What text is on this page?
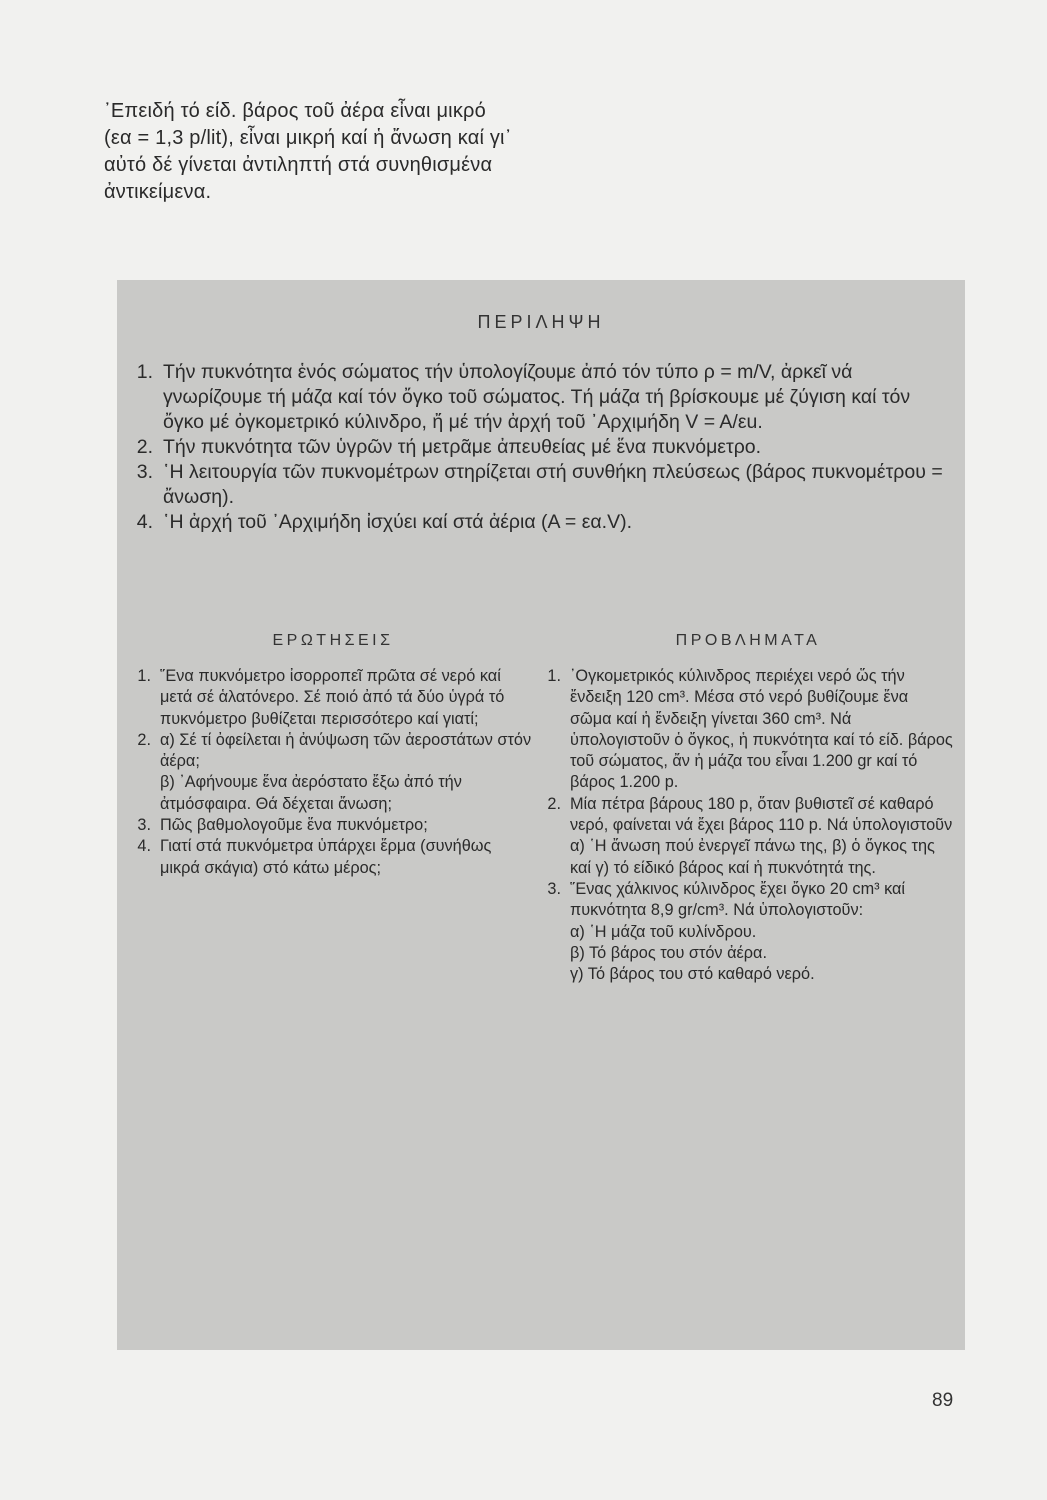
᾽Επειδή τό είδ. βάρος τοῦ ἀέρα εἶναι μικρό

(εα = 1,3 p/lit), εἶναι μικρή καί ἡ ἄνωση καί γι᾽

αὐτό δέ γίνεται ἀντιληπτή στά συνηθισμένα

ἀντικείμενα.

ΠΕΡΙΛΗΨΗ
1. Τήν πυκνότητα ἑνός σώματος τήν ὑπολογίζουμε ἀπό τόν τύπο ρ = m/V, ἀρκεῖ νά γνωρίζουμε τή μάζα καί τόν ὄγκο τοῦ σώματος. Τή μάζα τή βρίσκουμε μέ ζύγιση καί τόν ὄγκο μέ ὀγκομετρικό κύλινδρο, ἤ μέ τήν ἀρχή τοῦ ᾽Αρχιμήδη V = A/εu.
2. Τήν πυκνότητα τῶν ὑγρῶν τή μετρᾶμε ἀπευθείας μέ ἕνα πυκνόμετρο.
3. ῾Η λειτουργία τῶν πυκνομέτρων στηρίζεται στή συνθήκη πλεύσεως (βάρος πυκνομέτρου = ἄνωση).
4. ῾Η ἀρχή τοῦ ᾽Αρχιμήδη ἰσχύει καί στά ἀέρια (Α = εα.V).
ΕΡΩΤΗΣΕΙΣ
1. ῞Ενα πυκνόμετρο ἰσορροπεῖ πρῶτα σέ νερό καί μετά σέ ἁλατόνερο. Σέ ποιό ἀπό τά δύο ὑγρά τό πυκνόμετρο βυθίζεται περισσότερο καί γιατί;
2. α) Σέ τί ὀφείλεται ἡ ἀνύψωση τῶν ἀεροστάτων στόν ἀέρα;
β) ᾽Αφήνουμε ἕνα ἀερόστατο ἔξω ἀπό τήν ἀτμόσφαιρα. Θά δέχεται ἄνωση;
3. Πῶς βαθμολογοῦμε ἕνα πυκνόμετρο;
4. Γιατί στά πυκνόμετρα ὑπάρχει ἕρμα (συνήθως μικρά σκάγια) στό κάτω μέρος;
ΠΡΟΒΛΗΜΑΤΑ
1. ᾽Ογκομετρικός κύλινδρος περιέχει νερό ὥς τήν ἔνδειξη 120 cm³. Μέσα στό νερό βυθίζουμε ἕνα σῶμα καί ἡ ἔνδειξη γίνεται 360 cm³. Νά ὑπολογιστοῦν ὁ ὄγκος, ἡ πυκνότητα καί τό είδ. βάρος τοῦ σώματος, ἄν ἡ μάζα του εἶναι 1.200 gr καί τό βάρος 1.200 p.
2. Μία πέτρα βάρους 180 p, ὅταν βυθιστεῖ σέ καθαρό νερό, φαίνεται νά ἔχει βάρος 110 p. Νά ὑπολογιστοῦν α) ῾Η ἄνωση πού ἐνεργεῖ πάνω της, β) ὁ ὄγκος της καί γ) τό είδικό βάρος καί ἡ πυκνότητά της.
3. ῞Ενας χάλκινος κύλινδρος ἔχει ὄγκο 20 cm³ καί πυκνότητα 8,9 gr/cm³. Νά ὑπολογιστοῦν:
α) ῾Η μάζα τοῦ κυλίνδρου.
β) Τό βάρος του στόν ἀέρα.
γ) Τό βάρος του στό καθαρό νερό.
89
